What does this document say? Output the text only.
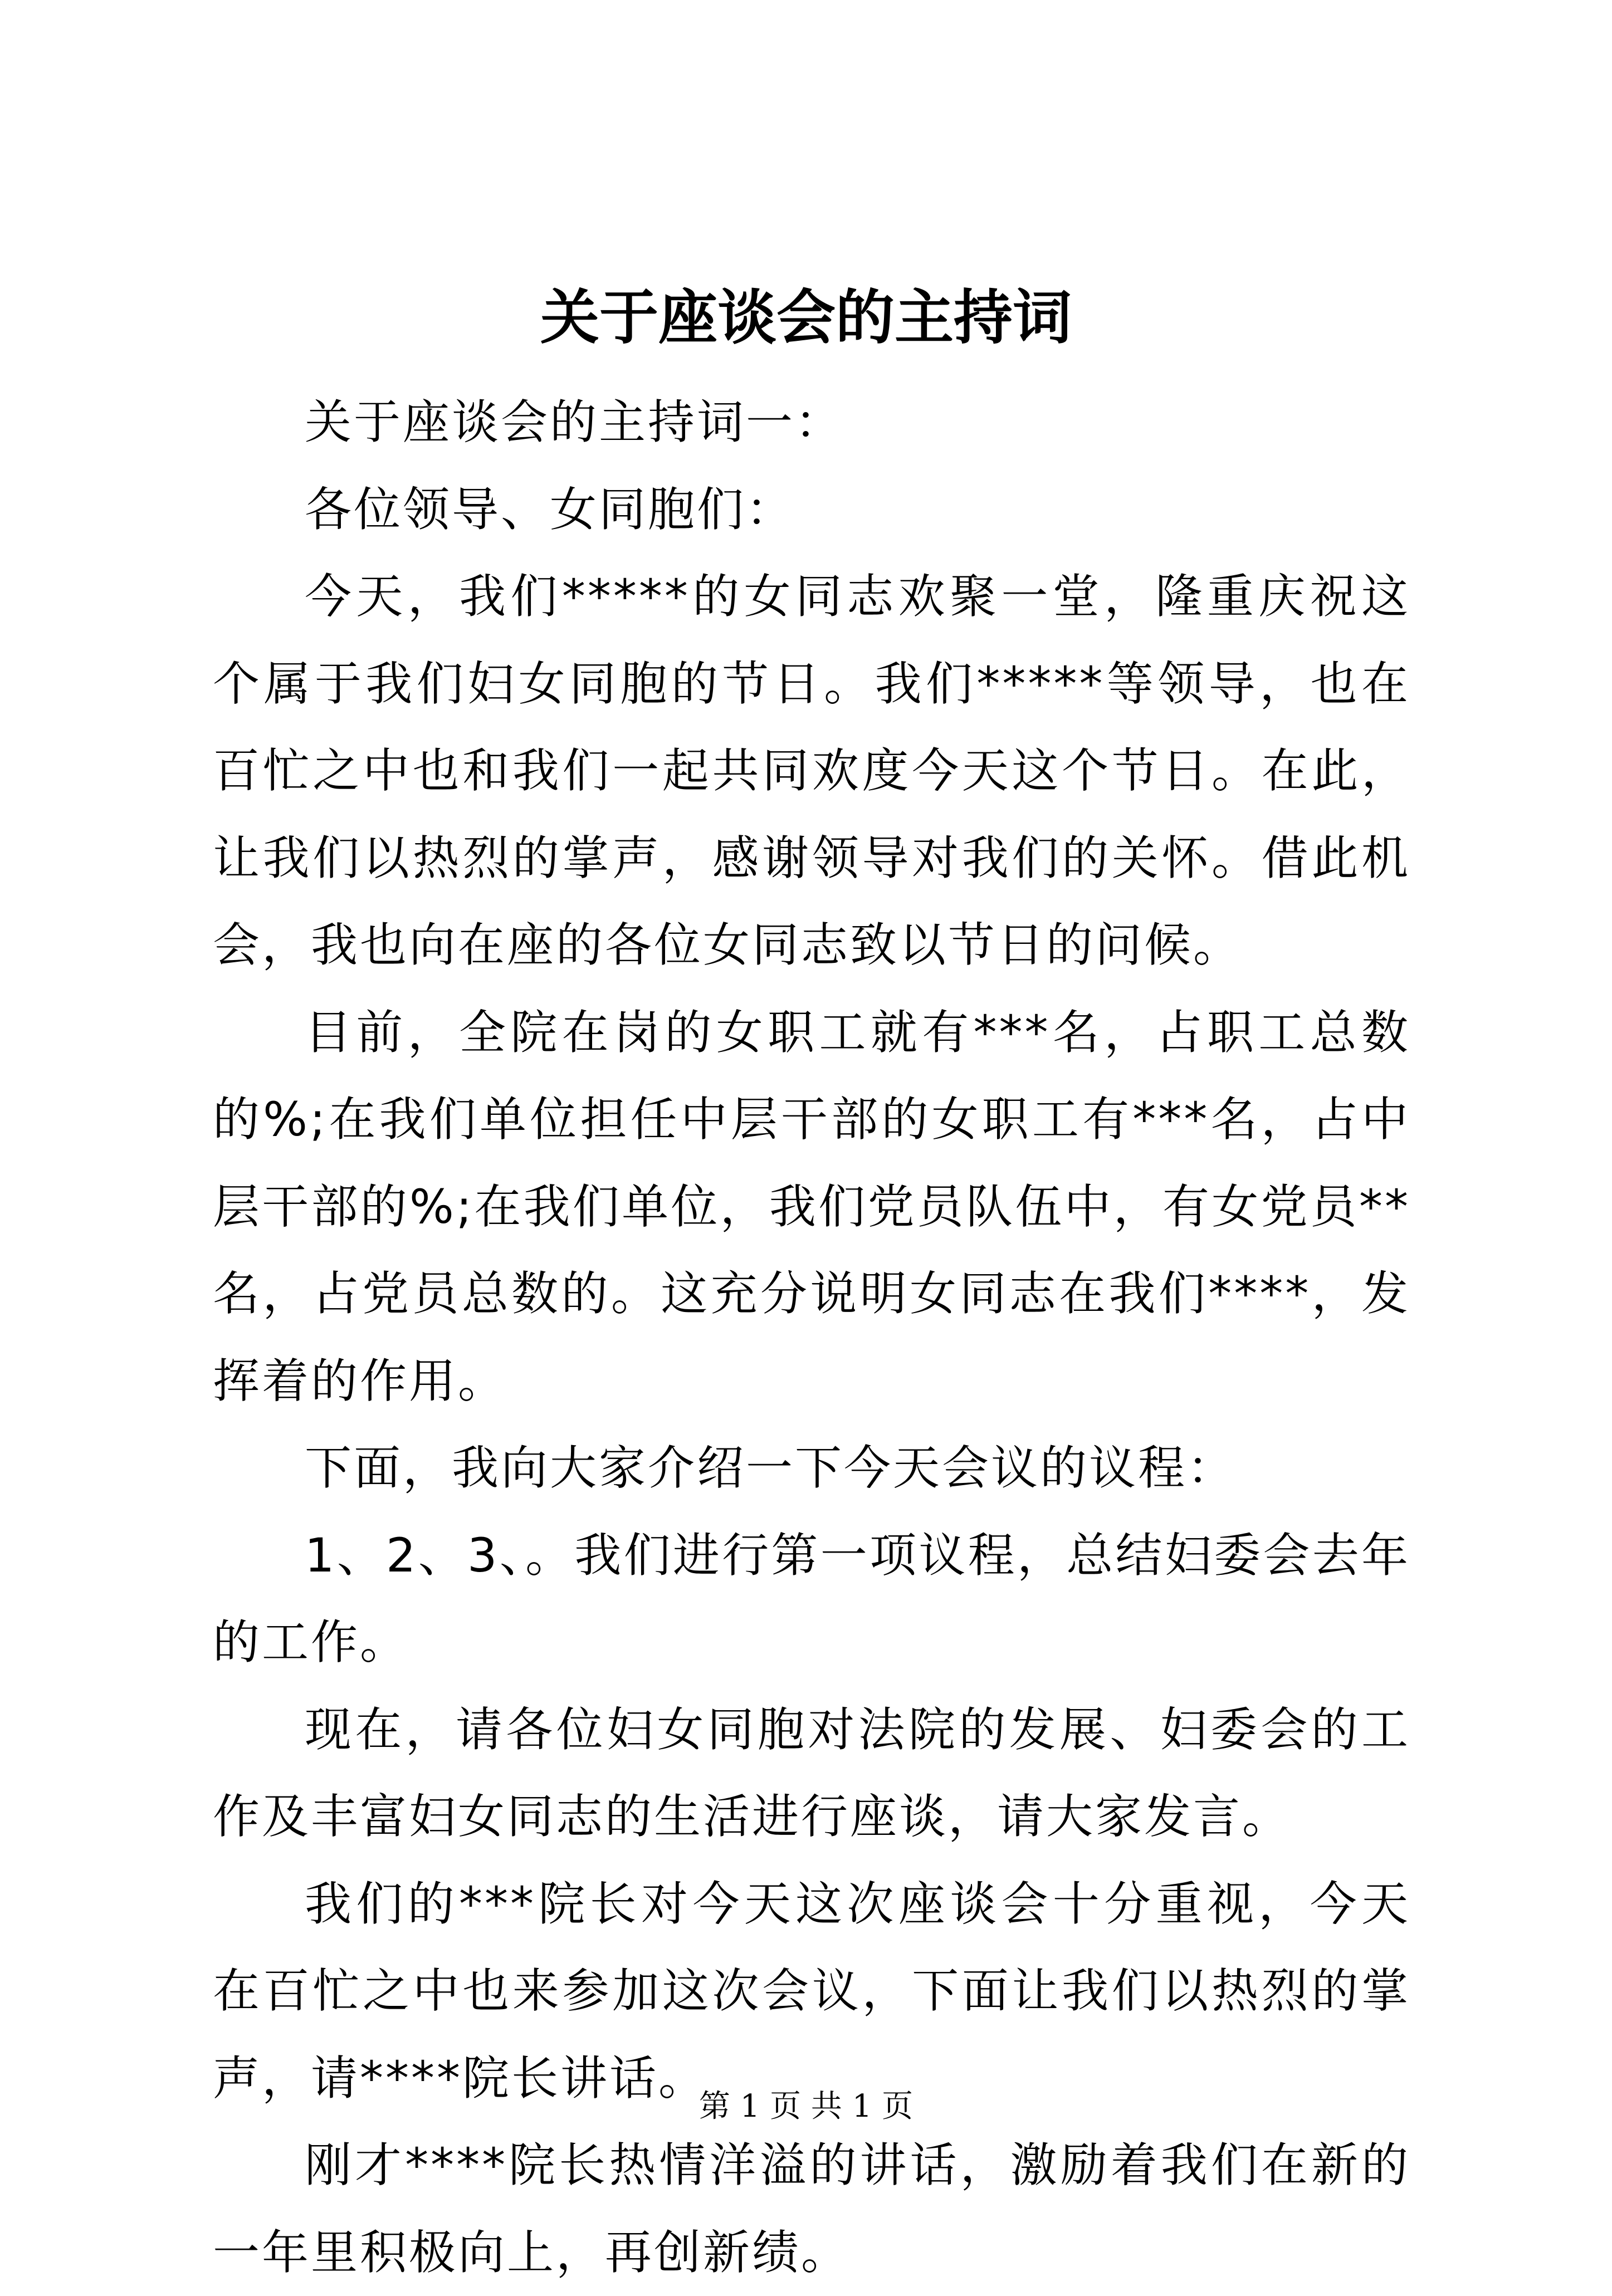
关于座谈会的主持词

关于座谈会的主持词一：

各位领导、女同胞们：

今天，我们*****的女同志欢聚一堂，隆重庆祝这个属于我们妇女同胞的节日。我们*****等领导，也在百忙之中也和我们一起共同欢度今天这个节日。在此，让我们以热烈的掌声，感谢领导对我们的关怀。借此机会，我也向在座的各位女同志致以节日的问候。

目前，全院在岗的女职工就有***名，占职工总数的%;在我们单位担任中层干部的女职工有***名，占中层干部的%;在我们单位，我们党员队伍中，有女党员**名，占党员总数的。这充分说明女同志在我们****，发挥着的作用。

下面，我向大家介绍一下今天会议的议程：

1、2、3、。我们进行第一项议程，总结妇委会去年的工作。

现在，请各位妇女同胞对法院的发展、妇委会的工作及丰富妇女同志的生活进行座谈，请大家发言。

我们的***院长对今天这次座谈会十分重视，今天在百忙之中也来参加这次会议，下面让我们以热烈的掌声，请****院长讲话。

刚才****院长热情洋溢的讲话，激励着我们在新的一年里积极向上，再创新绩。

第 1 页 共 1 页
